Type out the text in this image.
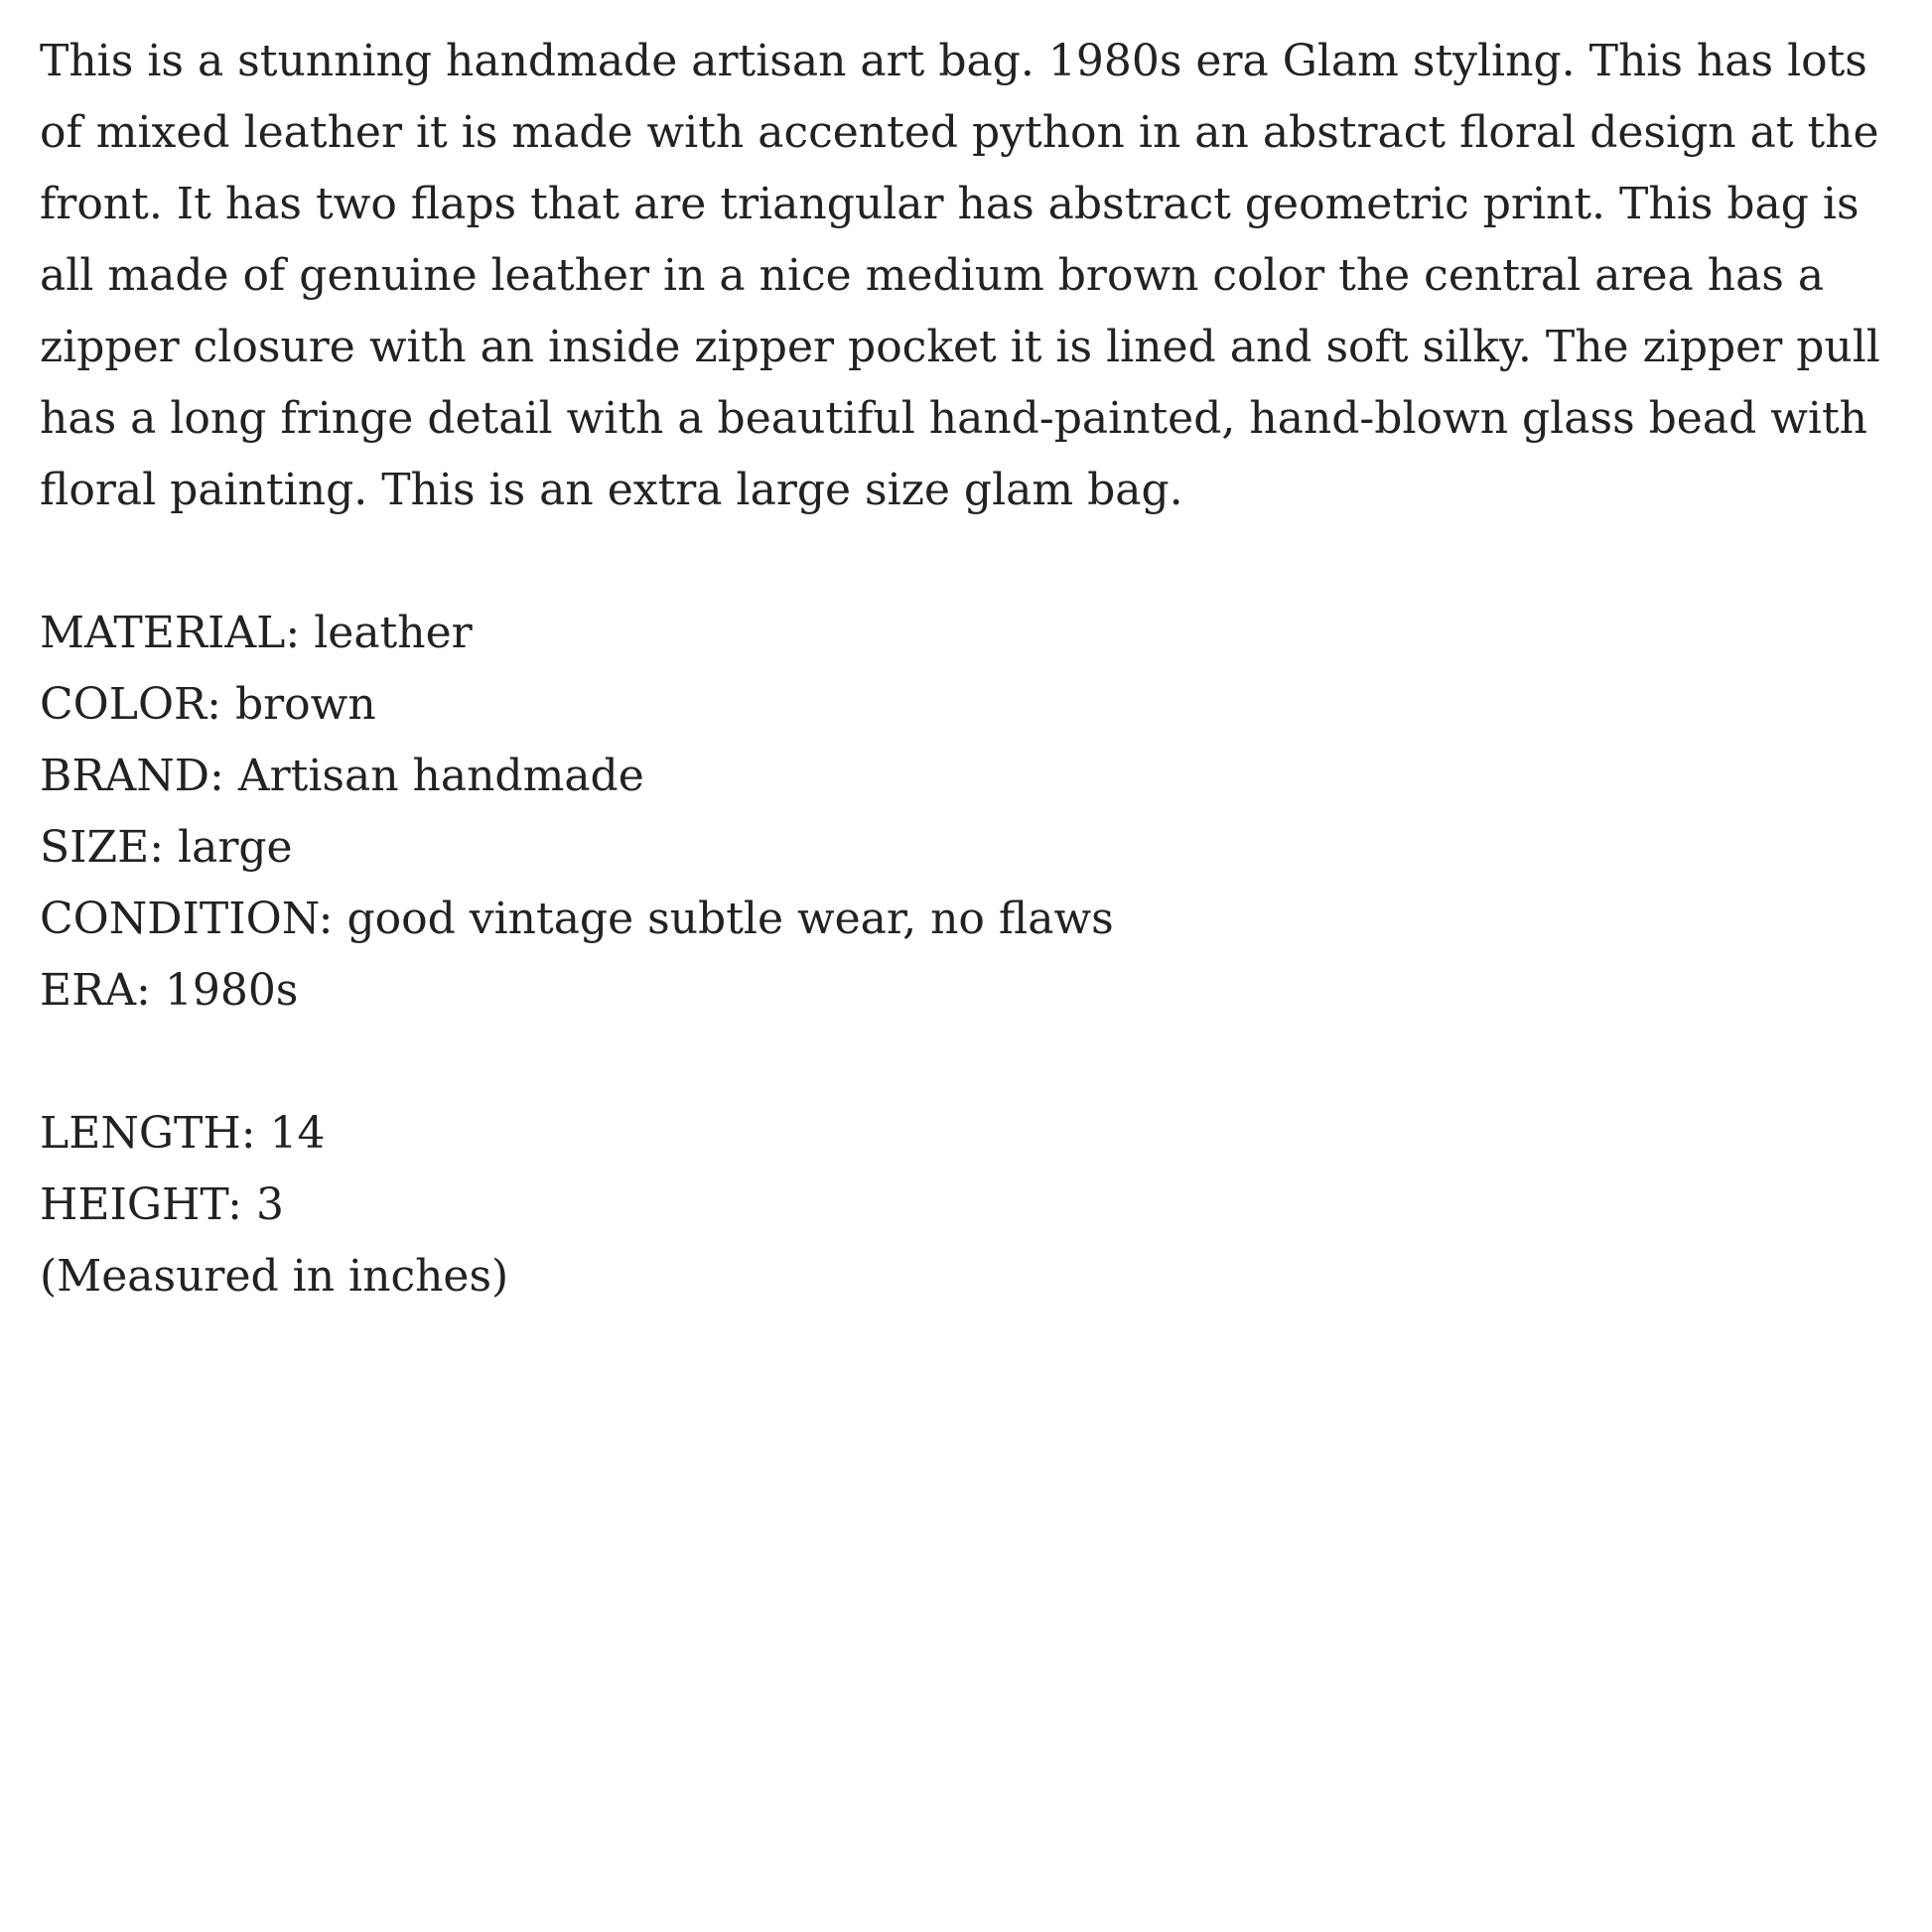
This is a stunning handmade artisan art bag. 1980s era Glam styling. This has lots of mixed leather it is made with accented python in an abstract floral design at the front. It has two flaps that are triangular has abstract geometric print. This bag is all made of genuine leather in a nice medium brown color the central area has a zipper closure with an inside zipper pocket it is lined and soft silky. The zipper pull has a long fringe detail with a beautiful hand-painted, hand-blown glass bead with floral painting. This is an extra large size glam bag.

MATERIAL: leather

COLOR: brown

BRAND: Artisan handmade

SIZE: large

CONDITION: good vintage subtle wear, no flaws

ERA: 1980s

LENGTH: 14

HEIGHT: 3

(Measured in inches)
